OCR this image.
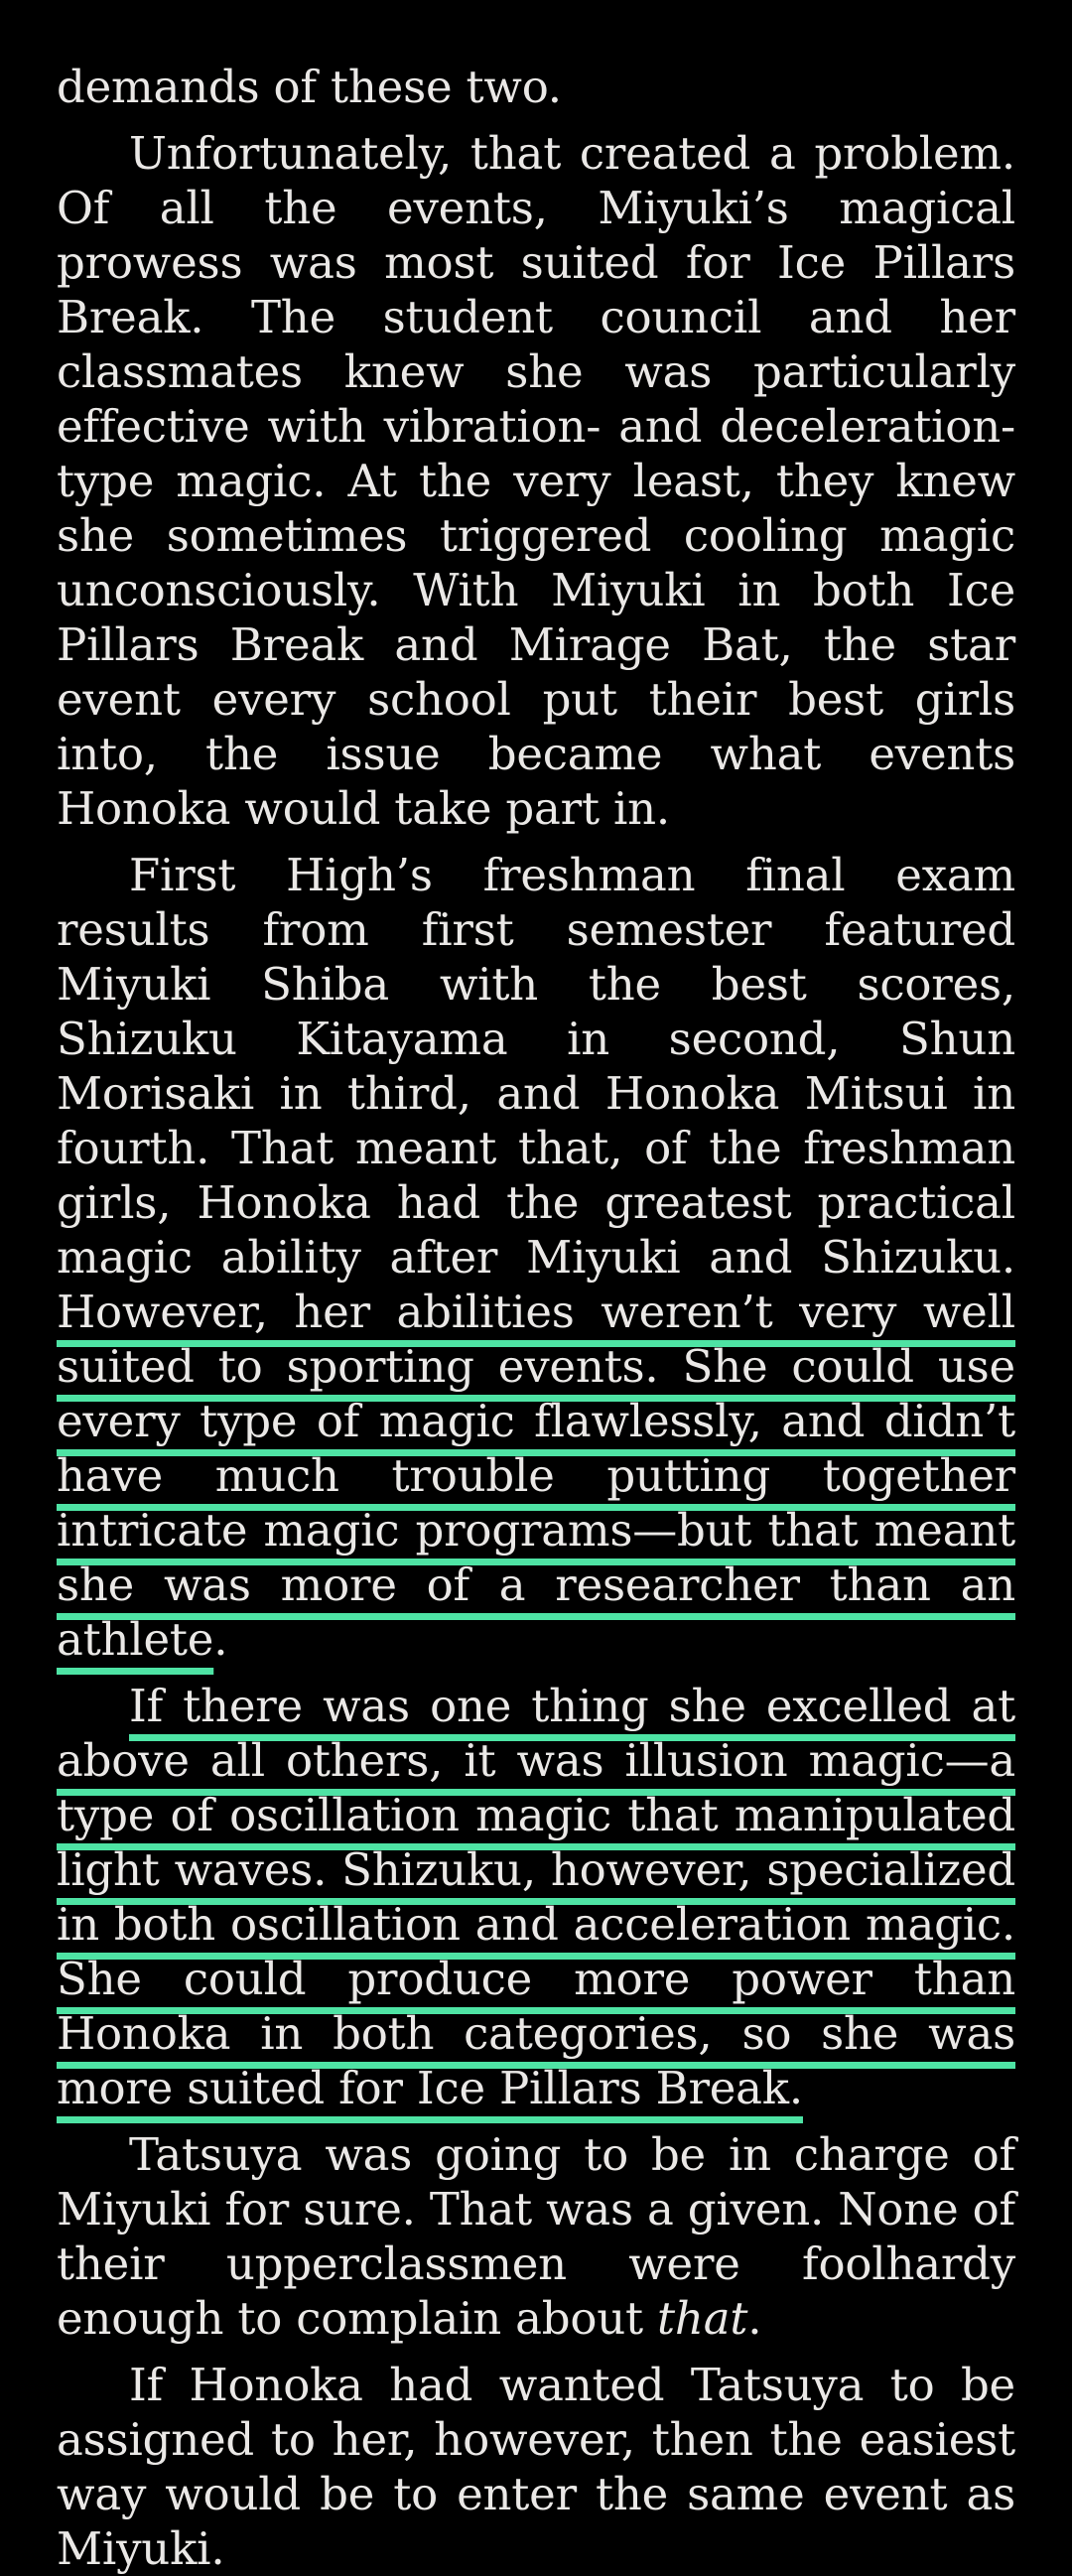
demands of these two.

Unfortunately, that created a problem. Of all the events, Miyuki’s magical prowess was most suited for Ice Pillars Break. The student council and her classmates knew she was particularly effective with vibration- and deceleration-type magic. At the very least, they knew she sometimes triggered cooling magic unconsciously. With Miyuki in both Ice Pillars Break and Mirage Bat, the star event every school put their best girls into, the issue became what events Honoka would take part in.

First High’s freshman final exam results from first semester featured Miyuki Shiba with the best scores, Shizuku Kitayama in second, Shun Morisaki in third, and Honoka Mitsui in fourth. That meant that, of the freshman girls, Honoka had the greatest practical magic ability after Miyuki and Shizuku. However, her abilities weren’t very well suited to sporting events. She could use every type of magic flawlessly, and didn’t have much trouble putting together intricate magic programs—but that meant she was more of a researcher than an athlete.

If there was one thing she excelled at above all others, it was illusion magic—a type of oscillation magic that manipulated light waves. Shizuku, however, specialized in both oscillation and acceleration magic. She could produce more power than Honoka in both categories, so she was more suited for Ice Pillars Break.

Tatsuya was going to be in charge of Miyuki for sure. That was a given. None of their upperclassmen were foolhardy enough to complain about that.

If Honoka had wanted Tatsuya to be assigned to her, however, then the easiest way would be to enter the same event as Miyuki.
